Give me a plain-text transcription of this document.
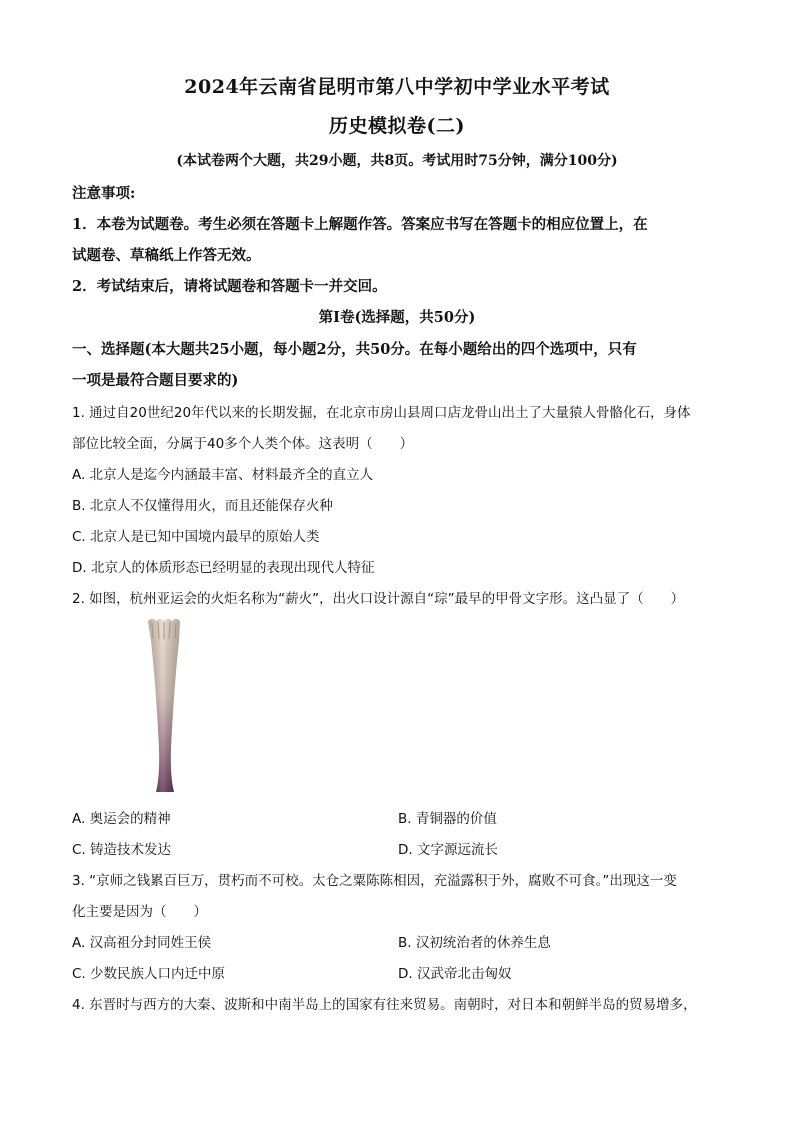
2024年云南省昆明市第八中学初中学业水平考试
历史模拟卷(二)
(本试卷两个大题，共29小题，共8页。考试用时75分钟，满分100分)
注意事项:
1．本卷为试题卷。考生必须在答题卡上解题作答。答案应书写在答题卡的相应位置上，在
试题卷、草稿纸上作答无效。
2．考试结束后，请将试题卷和答题卡一并交回。
第Ⅰ卷(选择题，共50分)
一、选择题(本大题共25小题，每小题2分，共50分。在每小题给出的四个选项中，只有
一项是最符合题目要求的)
1. 通过自20世纪20年代以来的长期发掘，在北京市房山县周口店龙骨山出土了大量猿人骨骼化石，身体
部位比较全面，分属于40多个人类个体。这表明（　　）
A. 北京人是迄今内涵最丰富、材料最齐全的直立人
B. 北京人不仅懂得用火，而且还能保存火种
C. 北京人是已知中国境内最早的原始人类
D. 北京人的体质形态已经明显的表现出现代人特征
2. 如图，杭州亚运会的火炬名称为“薪火”，出火口设计源自“琮”最早的甲骨文字形。这凸显了（　　）
A. 奥运会的精神	B. 青铜器的价值
C. 铸造技术发达	D. 文字源远流长
3. “京师之钱累百巨万，贯朽而不可校。太仓之粟陈陈相因，充溢露积于外，腐败不可食。”出现这一变
化主要是因为（　　）
A. 汉高祖分封同姓王侯	B. 汉初统治者的休养生息
C. 少数民族人口内迁中原	D. 汉武帝北击匈奴
4. 东晋时与西方的大秦、波斯和中南半岛上的国家有往来贸易。南朝时，对日本和朝鲜半岛的贸易增多，
